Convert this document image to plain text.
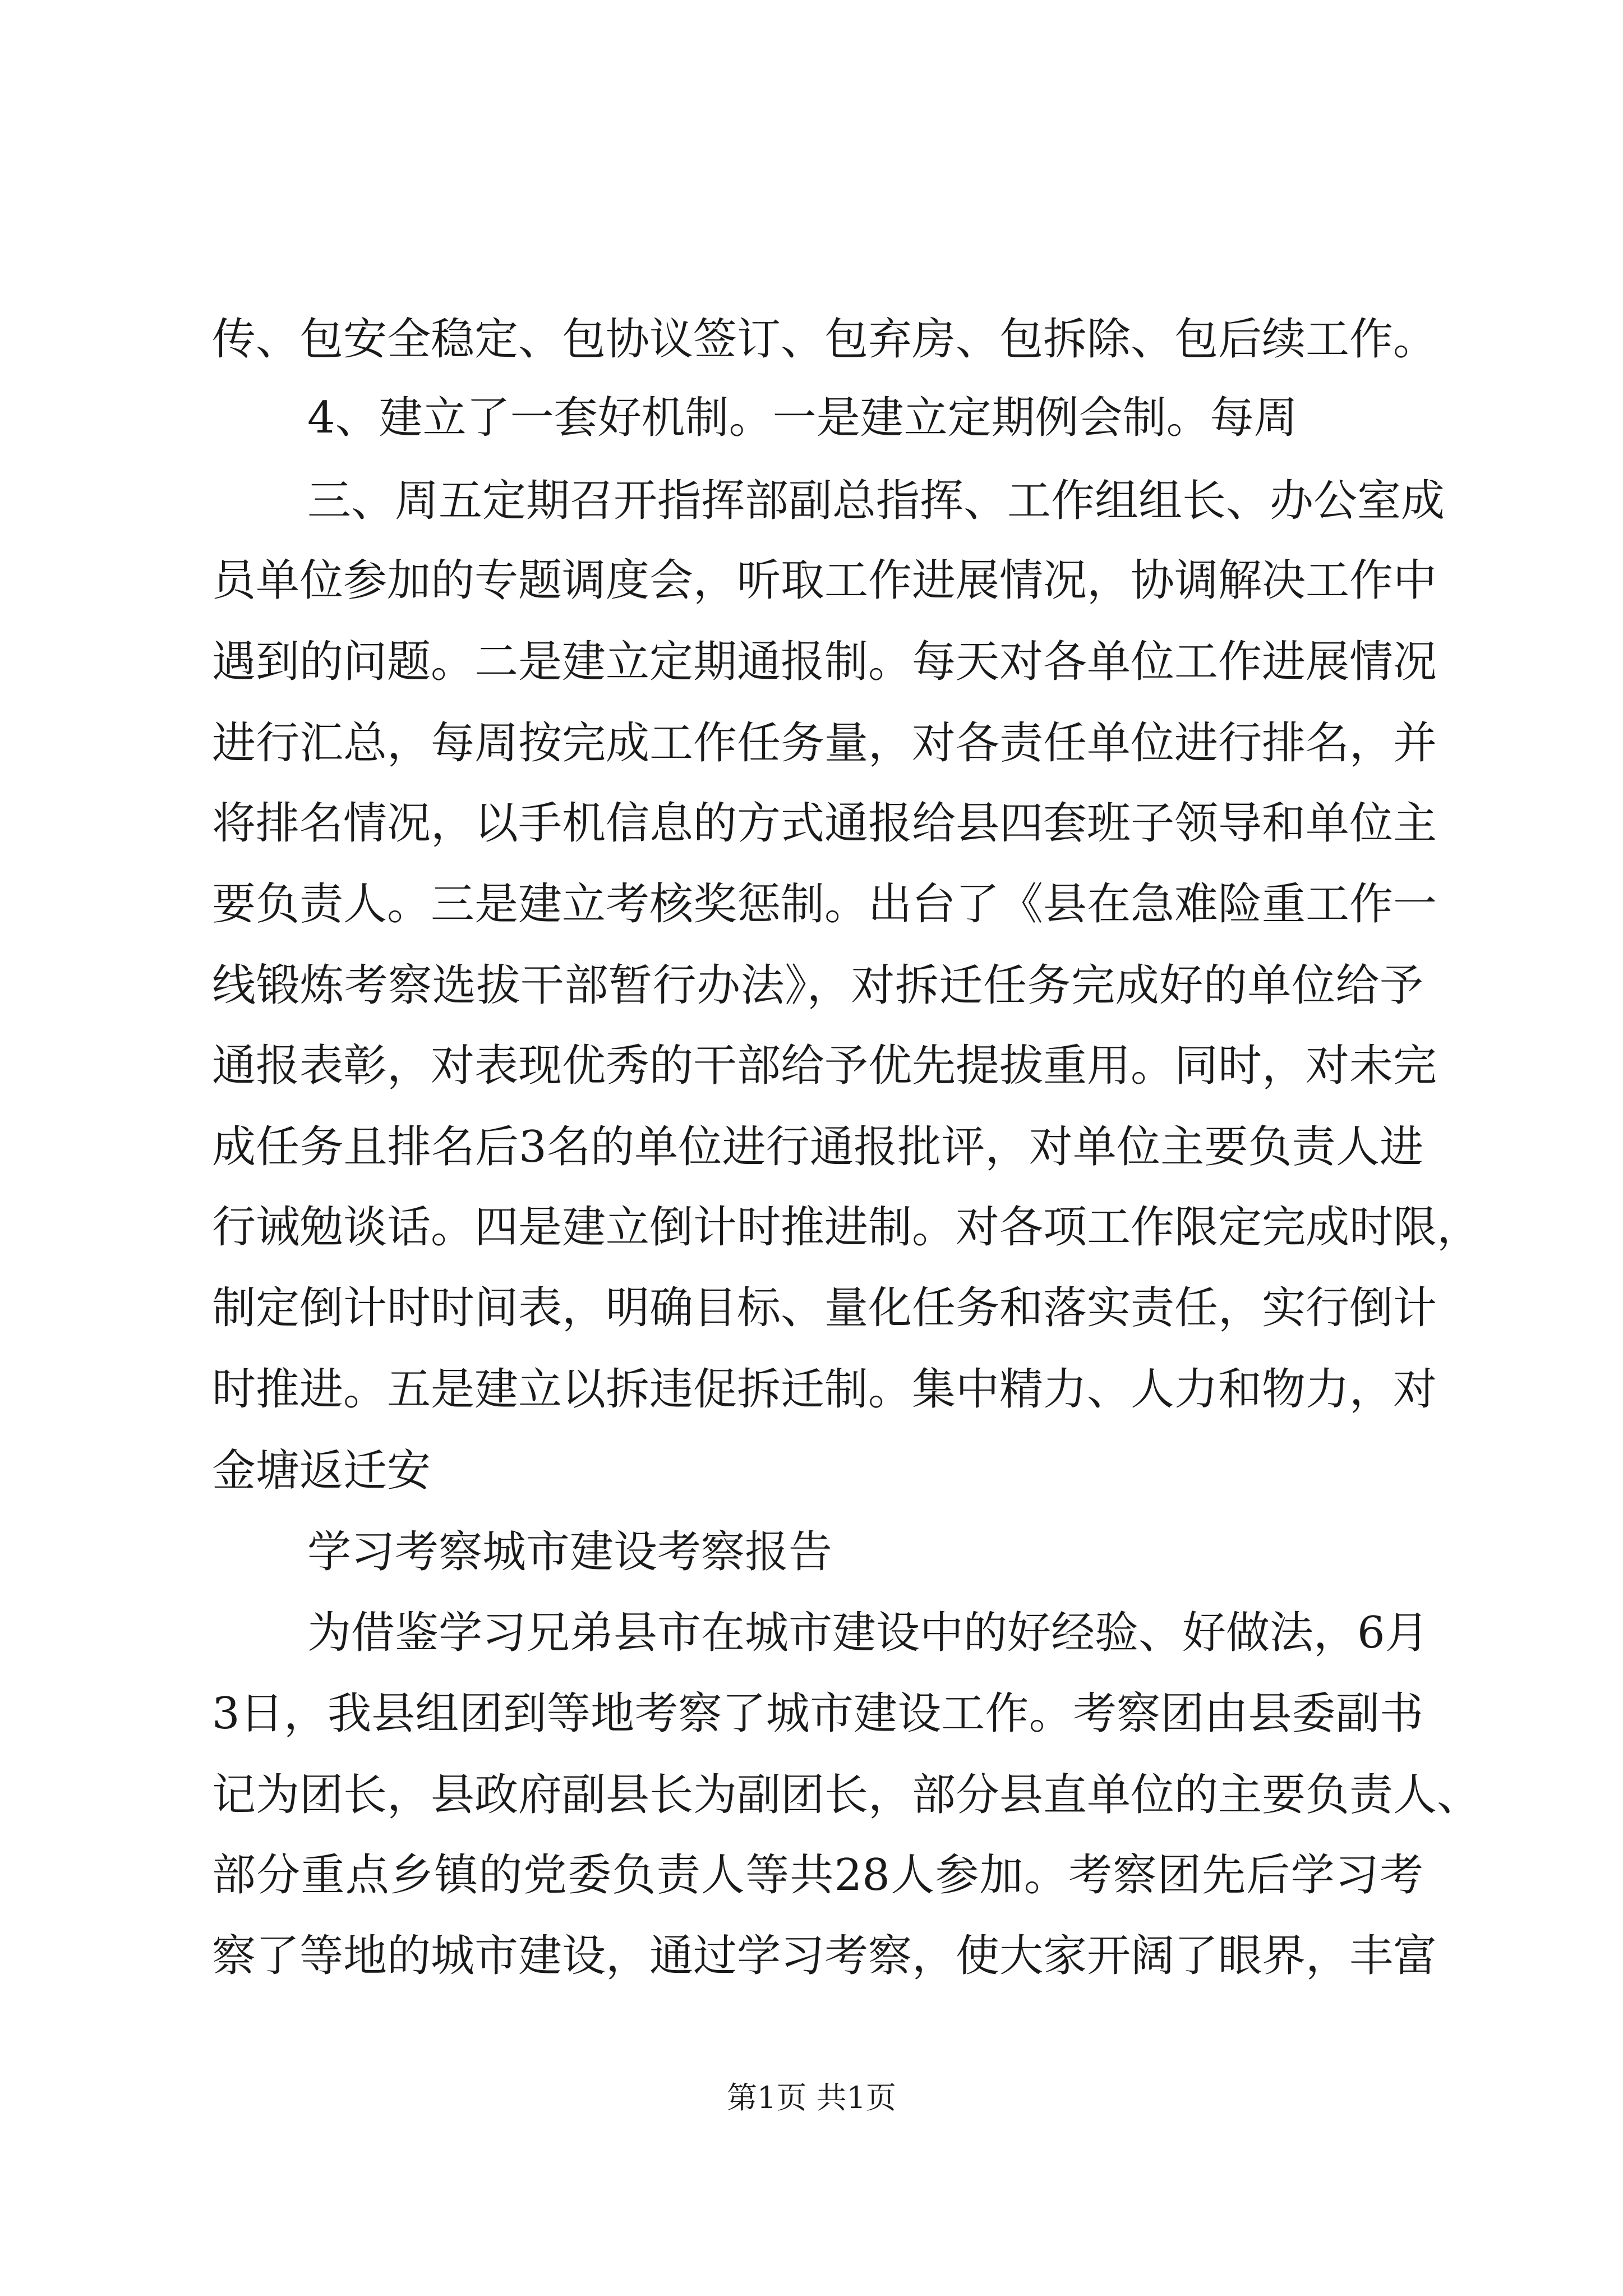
传、包安全稳定、包协议签订、包弃房、包拆除、包后续工作。
4、建立了一套好机制。一是建立定期例会制。每周
三、周五定期召开指挥部副总指挥、工作组组长、办公室成
员单位参加的专题调度会，听取工作进展情况，协调解决工作中
遇到的问题。二是建立定期通报制。每天对各单位工作进展情况
进行汇总，每周按完成工作任务量，对各责任单位进行排名，并
将排名情况，以手机信息的方式通报给县四套班子领导和单位主
要负责人。三是建立考核奖惩制。出台了《县在急难险重工作一
线锻炼考察选拔干部暂行办法》，对拆迁任务完成好的单位给予
通报表彰，对表现优秀的干部给予优先提拔重用。同时，对未完
成任务且排名后3名的单位进行通报批评，对单位主要负责人进
行诫勉谈话。四是建立倒计时推进制。对各项工作限定完成时限，
制定倒计时时间表，明确目标、量化任务和落实责任，实行倒计
时推进。五是建立以拆违促拆迁制。集中精力、人力和物力，对
金塘返迁安
学习考察城市建设考察报告
为借鉴学习兄弟县市在城市建设中的好经验、好做法，6月
3日，我县组团到等地考察了城市建设工作。考察团由县委副书
记为团长，县政府副县长为副团长，部分县直单位的主要负责人、
部分重点乡镇的党委负责人等共28人参加。考察团先后学习考
察了等地的城市建设，通过学习考察，使大家开阔了眼界，丰富
第1页 共1页
